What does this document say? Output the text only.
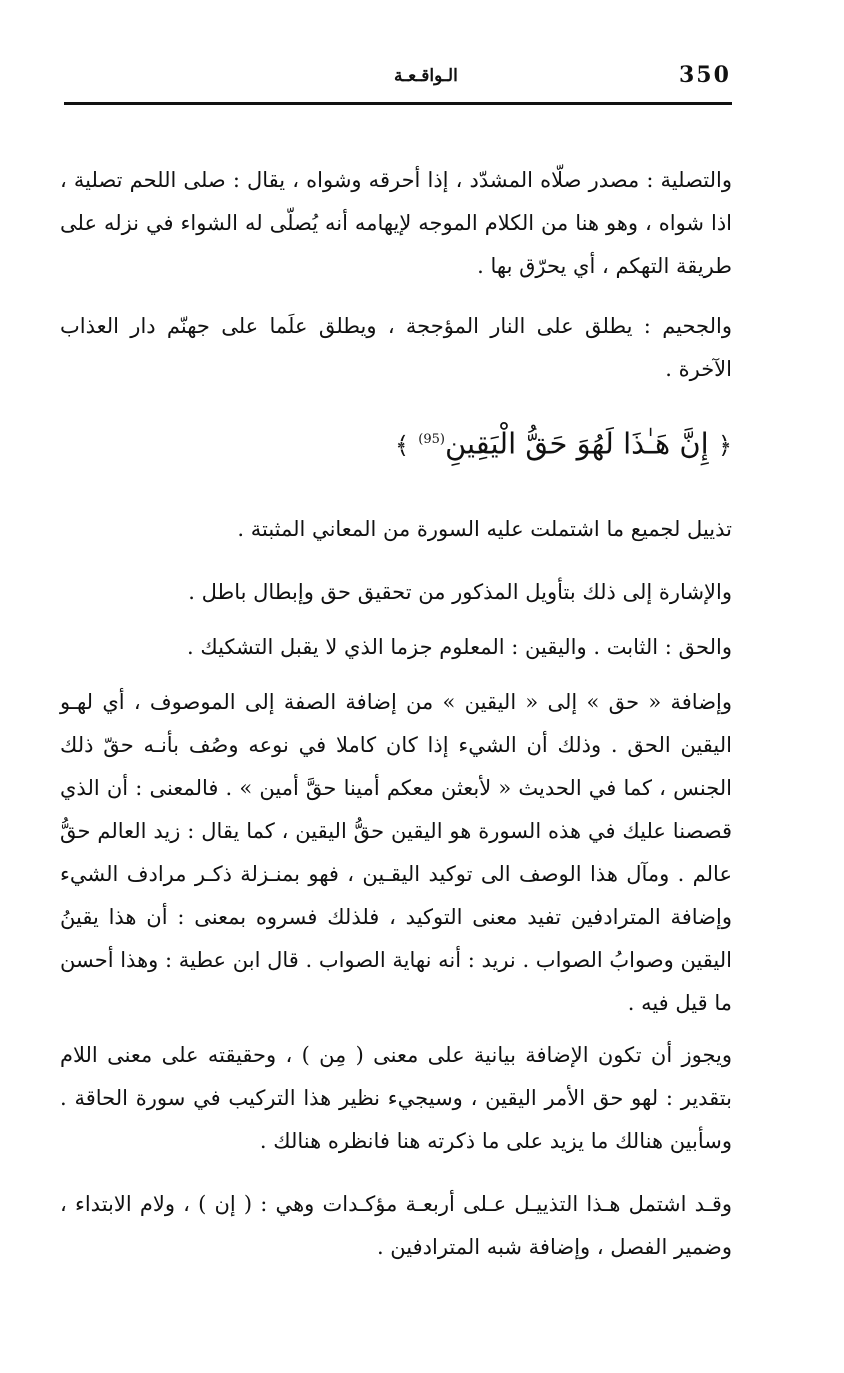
350
الـواقـعـة

والتصلية : مصدر صلّاه المشدّد ، إذا أحرقه وشواه ، يقال : صلى اللحم تصلية ، اذا شواه ، وهو هنا من الكلام الموجه لإيهامه أنه يُصلّى له الشواء في نزله على طريقة التهكم ، أي يحرّق بها .

والجحيم : يطلق على النار المؤججة ، ويطلق علَما على جهنّم دار العذاب الآخرة .

﴿ إِنَّ هَـٰذَا لَهُوَ حَقُّ الْيَقِينِ$^{(95)}$ ﴾

تذييل لجميع ما اشتملت عليه السورة من المعاني المثبتة .

والإشارة إلى ذلك بتأويل المذكور من تحقيق حق وإبطال باطل .

والحق : الثابت . واليقين : المعلوم جزما الذي لا يقبل التشكيك .

وإضافة « حق » إلى « اليقين » من إضافة الصفة إلى الموصوف ، أي لهـو اليقين الحق . وذلك أن الشيء إذا كان كاملا في نوعه وصُف بأنـه حقّ ذلك الجنس ، كما في الحديث « لأبعثن معكم أمينا حقَّ أمين » . فالمعنى : أن الذي قصصنا عليك في هذه السورة هو اليقين حقُّ اليقين ، كما يقال : زيد العالم حقُّ عالم . ومآل هذا الوصف الى توكيد اليقـين ، فهو بمنـزلة ذكـر مرادف الشيء وإضافة المترادفين تفيد معنى التوكيد ، فلذلك فسروه بمعنى : أن هذا يقينُ اليقين وصوابُ الصواب . نريد : أنه نهاية الصواب . قال ابن عطية : وهذا أحسن ما قيل فيه .

ويجوز أن تكون الإضافة بيانية على معنى ( مِن ) ، وحقيقته على معنى اللام بتقدير : لهو حق الأمر اليقين ، وسيجيء نظير هذا التركيب في سورة الحاقة . وسأبين هنالك ما يزيد على ما ذكرته هنا فانظره هنالك .

وقـد اشتمل هـذا التذييـل عـلى أربعـة مؤكـدات وهي : ( إن ) ، ولام الابتداء ، وضمير الفصل ، وإضافة شبه المترادفين .
